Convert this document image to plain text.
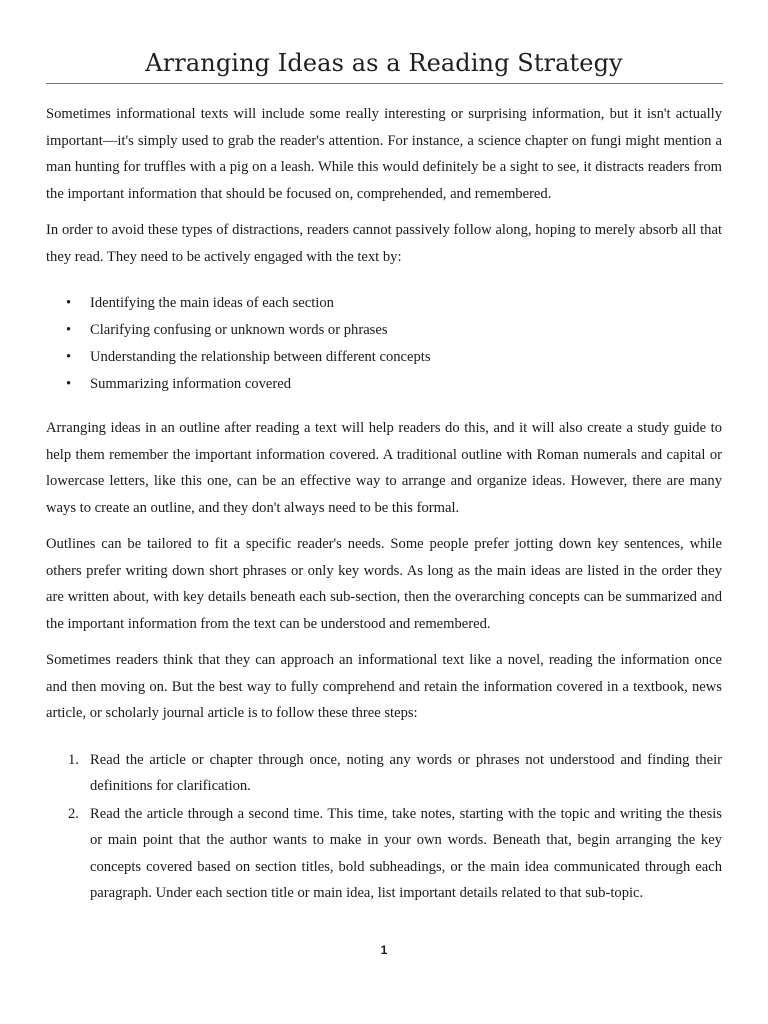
Arranging Ideas as a Reading Strategy

Sometimes informational texts will include some really interesting or surprising information, but it isn't actually important—it's simply used to grab the reader's attention. For instance, a science chapter on fungi might mention a man hunting for truffles with a pig on a leash. While this would definitely be a sight to see, it distracts readers from the important information that should be focused on, comprehended, and remembered.

In order to avoid these types of distractions, readers cannot passively follow along, hoping to merely absorb all that they read. They need to be actively engaged with the text by:

• Identifying the main ideas of each section
• Clarifying confusing or unknown words or phrases
• Understanding the relationship between different concepts
• Summarizing information covered

Arranging ideas in an outline after reading a text will help readers do this, and it will also create a study guide to help them remember the important information covered. A traditional outline with Roman numerals and capital or lowercase letters, like this one, can be an effective way to arrange and organize ideas. However, there are many ways to create an outline, and they don't always need to be this formal.

Outlines can be tailored to fit a specific reader's needs. Some people prefer jotting down key sentences, while others prefer writing down short phrases or only key words. As long as the main ideas are listed in the order they are written about, with key details beneath each sub-section, then the overarching concepts can be summarized and the important information from the text can be understood and remembered.

Sometimes readers think that they can approach an informational text like a novel, reading the information once and then moving on. But the best way to fully comprehend and retain the information covered in a textbook, news article, or scholarly journal article is to follow these three steps:

1. Read the article or chapter through once, noting any words or phrases not understood and finding their definitions for clarification.
2. Read the article through a second time. This time, take notes, starting with the topic and writing the thesis or main point that the author wants to make in your own words. Beneath that, begin arranging the key concepts covered based on section titles, bold subheadings, or the main idea communicated through each paragraph. Under each section title or main idea, list important details related to that sub-topic.
1
